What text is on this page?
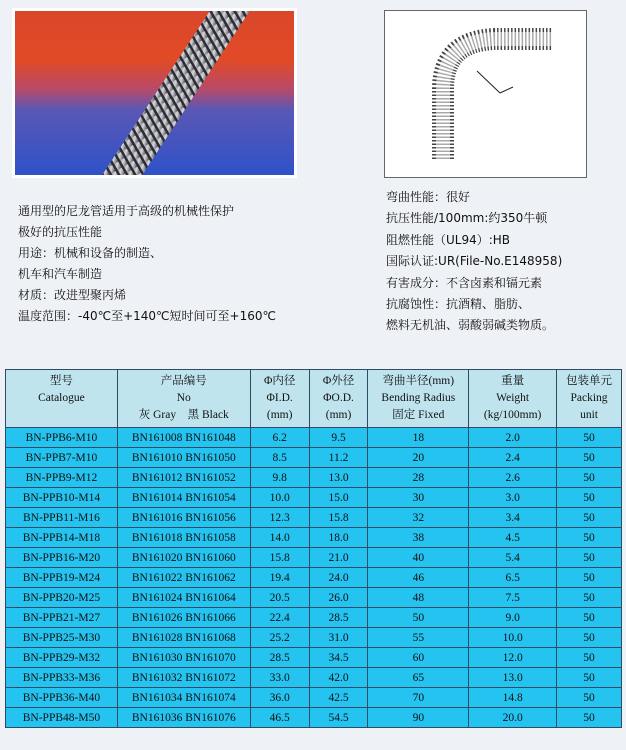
通用型的尼龙管适用于高级的机械性保护
极好的抗压性能
用途：机械和设备的制造、
机车和汽车制造
材质：改进型聚丙烯
温度范围：-40℃至+140℃短时间可至+160℃
弯曲性能：很好
抗压性能/100mm:约350牛顿
阻燃性能（UL94）:HB
国际认证:UR(File-No.E148958)
有害成分：不含卤素和镉元素
抗腐蚀性：抗酒精、脂肪、
燃料无机油、弱酸弱碱类物质。
型号
Catalogue	产品编号
No
灰 Gray 黑 Black	Φ内径
ΦI.D.
(mm)	Φ外径
ΦO.D.
(mm)	弯曲半径(mm)
Bending Radius
固定 Fixed	重量
Weight
(kg/100mm)	包装单元
Packing
unit

BN-PPB6-M10	BN161008 BN161048	6.2	9.5	18	2.0	50
BN-PPB7-M10	BN161010 BN161050	8.5	11.2	20	2.4	50
BN-PPB9-M12	BN161012 BN161052	9.8	13.0	28	2.6	50
BN-PPB10-M14	BN161014 BN161054	10.0	15.0	30	3.0	50
BN-PPB11-M16	BN161016 BN161056	12.3	15.8	32	3.4	50
BN-PPB14-M18	BN161018 BN161058	14.0	18.0	38	4.5	50
BN-PPB16-M20	BN161020 BN161060	15.8	21.0	40	5.4	50
BN-PPB19-M24	BN161022 BN161062	19.4	24.0	46	6.5	50
BN-PPB20-M25	BN161024 BN161064	20.5	26.0	48	7.5	50
BN-PPB21-M27	BN161026 BN161066	22.4	28.5	50	9.0	50
BN-PPB25-M30	BN161028 BN161068	25.2	31.0	55	10.0	50
BN-PPB29-M32	BN161030 BN161070	28.5	34.5	60	12.0	50
BN-PPB33-M36	BN161032 BN161072	33.0	42.0	65	13.0	50
BN-PPB36-M40	BN161034 BN161074	36.0	42.5	70	14.8	50
BN-PPB48-M50	BN161036 BN161076	46.5	54.5	90	20.0	50
